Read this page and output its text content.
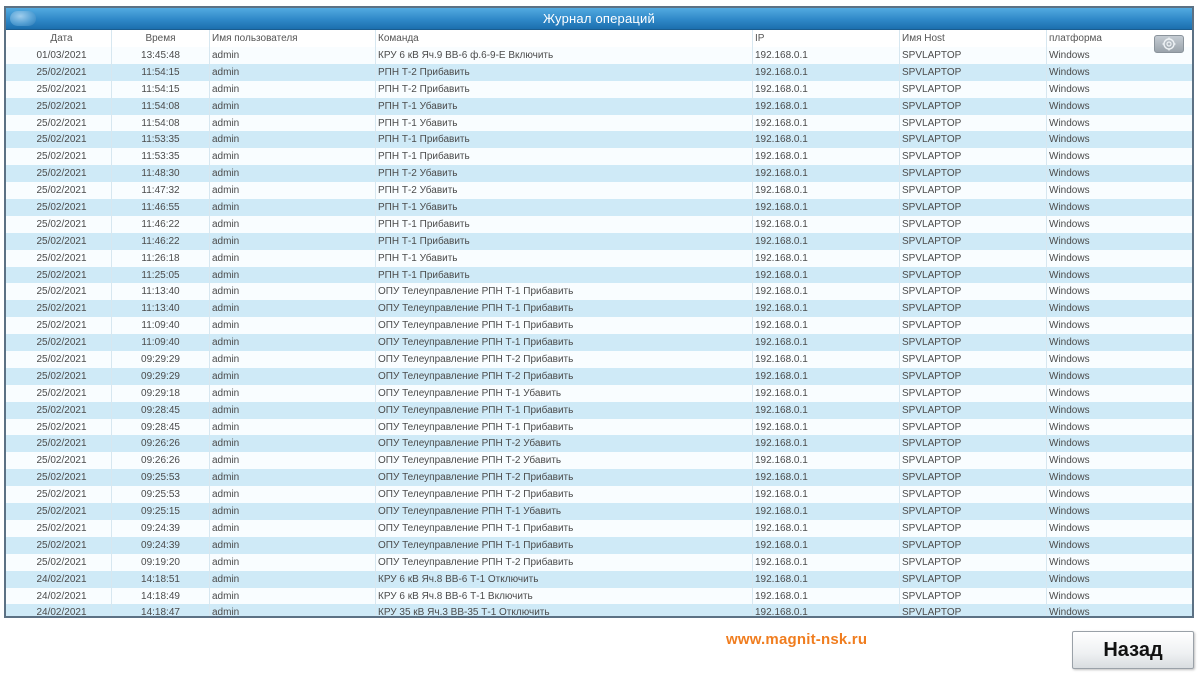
Журнал операций
Дата	Время	Имя пользователя	Команда	IP	Имя Host	платформа
01/03/2021	13:45:48	admin	КРУ 6 кВ Яч.9 ВВ-6 ф.6-9-Е Включить	192.168.0.1	SPVLAPTOP	Windows
25/02/2021	11:54:15	admin	РПН Т-2 Прибавить	192.168.0.1	SPVLAPTOP	Windows
25/02/2021	11:54:15	admin	РПН Т-2 Прибавить	192.168.0.1	SPVLAPTOP	Windows
25/02/2021	11:54:08	admin	РПН Т-1 Убавить	192.168.0.1	SPVLAPTOP	Windows
25/02/2021	11:54:08	admin	РПН Т-1 Убавить	192.168.0.1	SPVLAPTOP	Windows
25/02/2021	11:53:35	admin	РПН Т-1 Прибавить	192.168.0.1	SPVLAPTOP	Windows
25/02/2021	11:53:35	admin	РПН Т-1 Прибавить	192.168.0.1	SPVLAPTOP	Windows
25/02/2021	11:48:30	admin	РПН Т-2 Убавить	192.168.0.1	SPVLAPTOP	Windows
25/02/2021	11:47:32	admin	РПН Т-2 Убавить	192.168.0.1	SPVLAPTOP	Windows
25/02/2021	11:46:55	admin	РПН Т-1 Убавить	192.168.0.1	SPVLAPTOP	Windows
25/02/2021	11:46:22	admin	РПН Т-1 Прибавить	192.168.0.1	SPVLAPTOP	Windows
25/02/2021	11:46:22	admin	РПН Т-1 Прибавить	192.168.0.1	SPVLAPTOP	Windows
25/02/2021	11:26:18	admin	РПН Т-1 Убавить	192.168.0.1	SPVLAPTOP	Windows
25/02/2021	11:25:05	admin	РПН Т-1 Прибавить	192.168.0.1	SPVLAPTOP	Windows
25/02/2021	11:13:40	admin	ОПУ Телеуправление РПН Т-1 Прибавить	192.168.0.1	SPVLAPTOP	Windows
25/02/2021	11:13:40	admin	ОПУ Телеуправление РПН Т-1 Прибавить	192.168.0.1	SPVLAPTOP	Windows
25/02/2021	11:09:40	admin	ОПУ Телеуправление РПН Т-1 Прибавить	192.168.0.1	SPVLAPTOP	Windows
25/02/2021	11:09:40	admin	ОПУ Телеуправление РПН Т-1 Прибавить	192.168.0.1	SPVLAPTOP	Windows
25/02/2021	09:29:29	admin	ОПУ Телеуправление РПН Т-2 Прибавить	192.168.0.1	SPVLAPTOP	Windows
25/02/2021	09:29:29	admin	ОПУ Телеуправление РПН Т-2 Прибавить	192.168.0.1	SPVLAPTOP	Windows
25/02/2021	09:29:18	admin	ОПУ Телеуправление РПН Т-1 Убавить	192.168.0.1	SPVLAPTOP	Windows
25/02/2021	09:28:45	admin	ОПУ Телеуправление РПН Т-1 Прибавить	192.168.0.1	SPVLAPTOP	Windows
25/02/2021	09:28:45	admin	ОПУ Телеуправление РПН Т-1 Прибавить	192.168.0.1	SPVLAPTOP	Windows
25/02/2021	09:26:26	admin	ОПУ Телеуправление РПН Т-2 Убавить	192.168.0.1	SPVLAPTOP	Windows
25/02/2021	09:26:26	admin	ОПУ Телеуправление РПН Т-2 Убавить	192.168.0.1	SPVLAPTOP	Windows
25/02/2021	09:25:53	admin	ОПУ Телеуправление РПН Т-2 Прибавить	192.168.0.1	SPVLAPTOP	Windows
25/02/2021	09:25:53	admin	ОПУ Телеуправление РПН Т-2 Прибавить	192.168.0.1	SPVLAPTOP	Windows
25/02/2021	09:25:15	admin	ОПУ Телеуправление РПН Т-1 Убавить	192.168.0.1	SPVLAPTOP	Windows
25/02/2021	09:24:39	admin	ОПУ Телеуправление РПН Т-1 Прибавить	192.168.0.1	SPVLAPTOP	Windows
25/02/2021	09:24:39	admin	ОПУ Телеуправление РПН Т-1 Прибавить	192.168.0.1	SPVLAPTOP	Windows
25/02/2021	09:19:20	admin	ОПУ Телеуправление РПН Т-2 Прибавить	192.168.0.1	SPVLAPTOP	Windows
24/02/2021	14:18:51	admin	КРУ 6 кВ Яч.8 ВВ-6 Т-1 Отключить	192.168.0.1	SPVLAPTOP	Windows
24/02/2021	14:18:49	admin	КРУ 6 кВ Яч.8 ВВ-6 Т-1 Включить	192.168.0.1	SPVLAPTOP	Windows
24/02/2021	14:18:47	admin	КРУ 35 кВ Яч.3 ВВ-35 Т-1 Отключить	192.168.0.1	SPVLAPTOP	Windows
www.magnit-nsk.ru	Назад
